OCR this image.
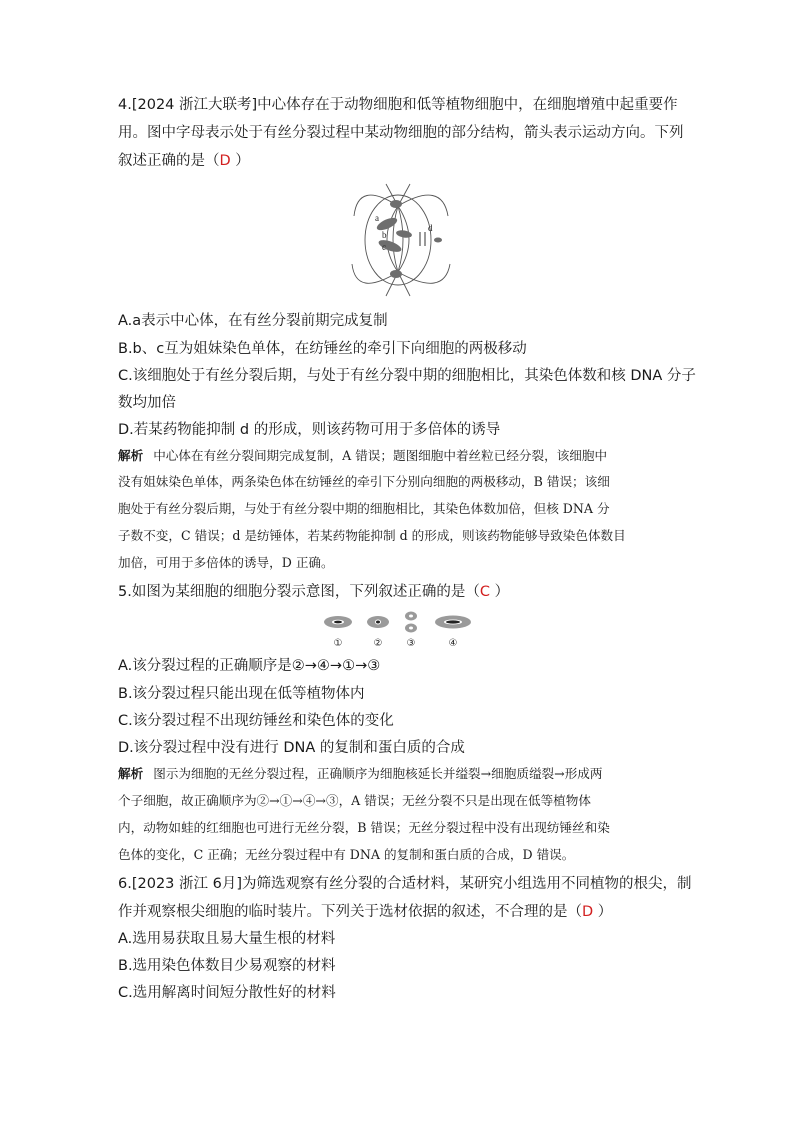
4.[2024 浙江大联考]中心体存在于动物细胞和低等植物细胞中，在细胞增殖中起重要作
用。图中字母表示处于有丝分裂过程中某动物细胞的部分结构，箭头表示运动方向。下列
叙述正确的是（D ）
a
b
c
d
A.a表示中心体，在有丝分裂前期完成复制
B.b、c互为姐妹染色单体，在纺锤丝的牵引下向细胞的两极移动
C.该细胞处于有丝分裂后期，与处于有丝分裂中期的细胞相比，其染色体数和核 DNA 分子
数均加倍
D.若某药物能抑制 d 的形成，则该药物可用于多倍体的诱导
解析 中心体在有丝分裂间期完成复制，A 错误；题图细胞中着丝粒已经分裂，该细胞中
没有姐妹染色单体，两条染色体在纺锤丝的牵引下分别向细胞的两极移动，B 错误；该细
胞处于有丝分裂后期，与处于有丝分裂中期的细胞相比，其染色体数加倍，但核 DNA 分
子数不变，C 错误；d 是纺锤体，若某药物能抑制 d 的形成，则该药物能够导致染色体数目
加倍，可用于多倍体的诱导，D 正确。
5.如图为某细胞的细胞分裂示意图，下列叙述正确的是（C ）
①	② ③	④
A.该分裂过程的正确顺序是②→④→①→③
B.该分裂过程只能出现在低等植物体内
C.该分裂过程不出现纺锤丝和染色体的变化
D.该分裂过程中没有进行 DNA 的复制和蛋白质的合成
解析 图示为细胞的无丝分裂过程，正确顺序为细胞核延长并缢裂→细胞质缢裂→形成两
个子细胞，故正确顺序为②→①→④→③，A 错误；无丝分裂不只是出现在低等植物体
内，动物如蛙的红细胞也可进行无丝分裂，B 错误；无丝分裂过程中没有出现纺锤丝和染
色体的变化，C 正确；无丝分裂过程中有 DNA 的复制和蛋白质的合成，D 错误。
6.[2023 浙江 6月]为筛选观察有丝分裂的合适材料，某研究小组选用不同植物的根尖，制
作并观察根尖细胞的临时装片。下列关于选材依据的叙述，不合理的是（D ）
A.选用易获取且易大量生根的材料
B.选用染色体数目少易观察的材料
C.选用解离时间短分散性好的材料
